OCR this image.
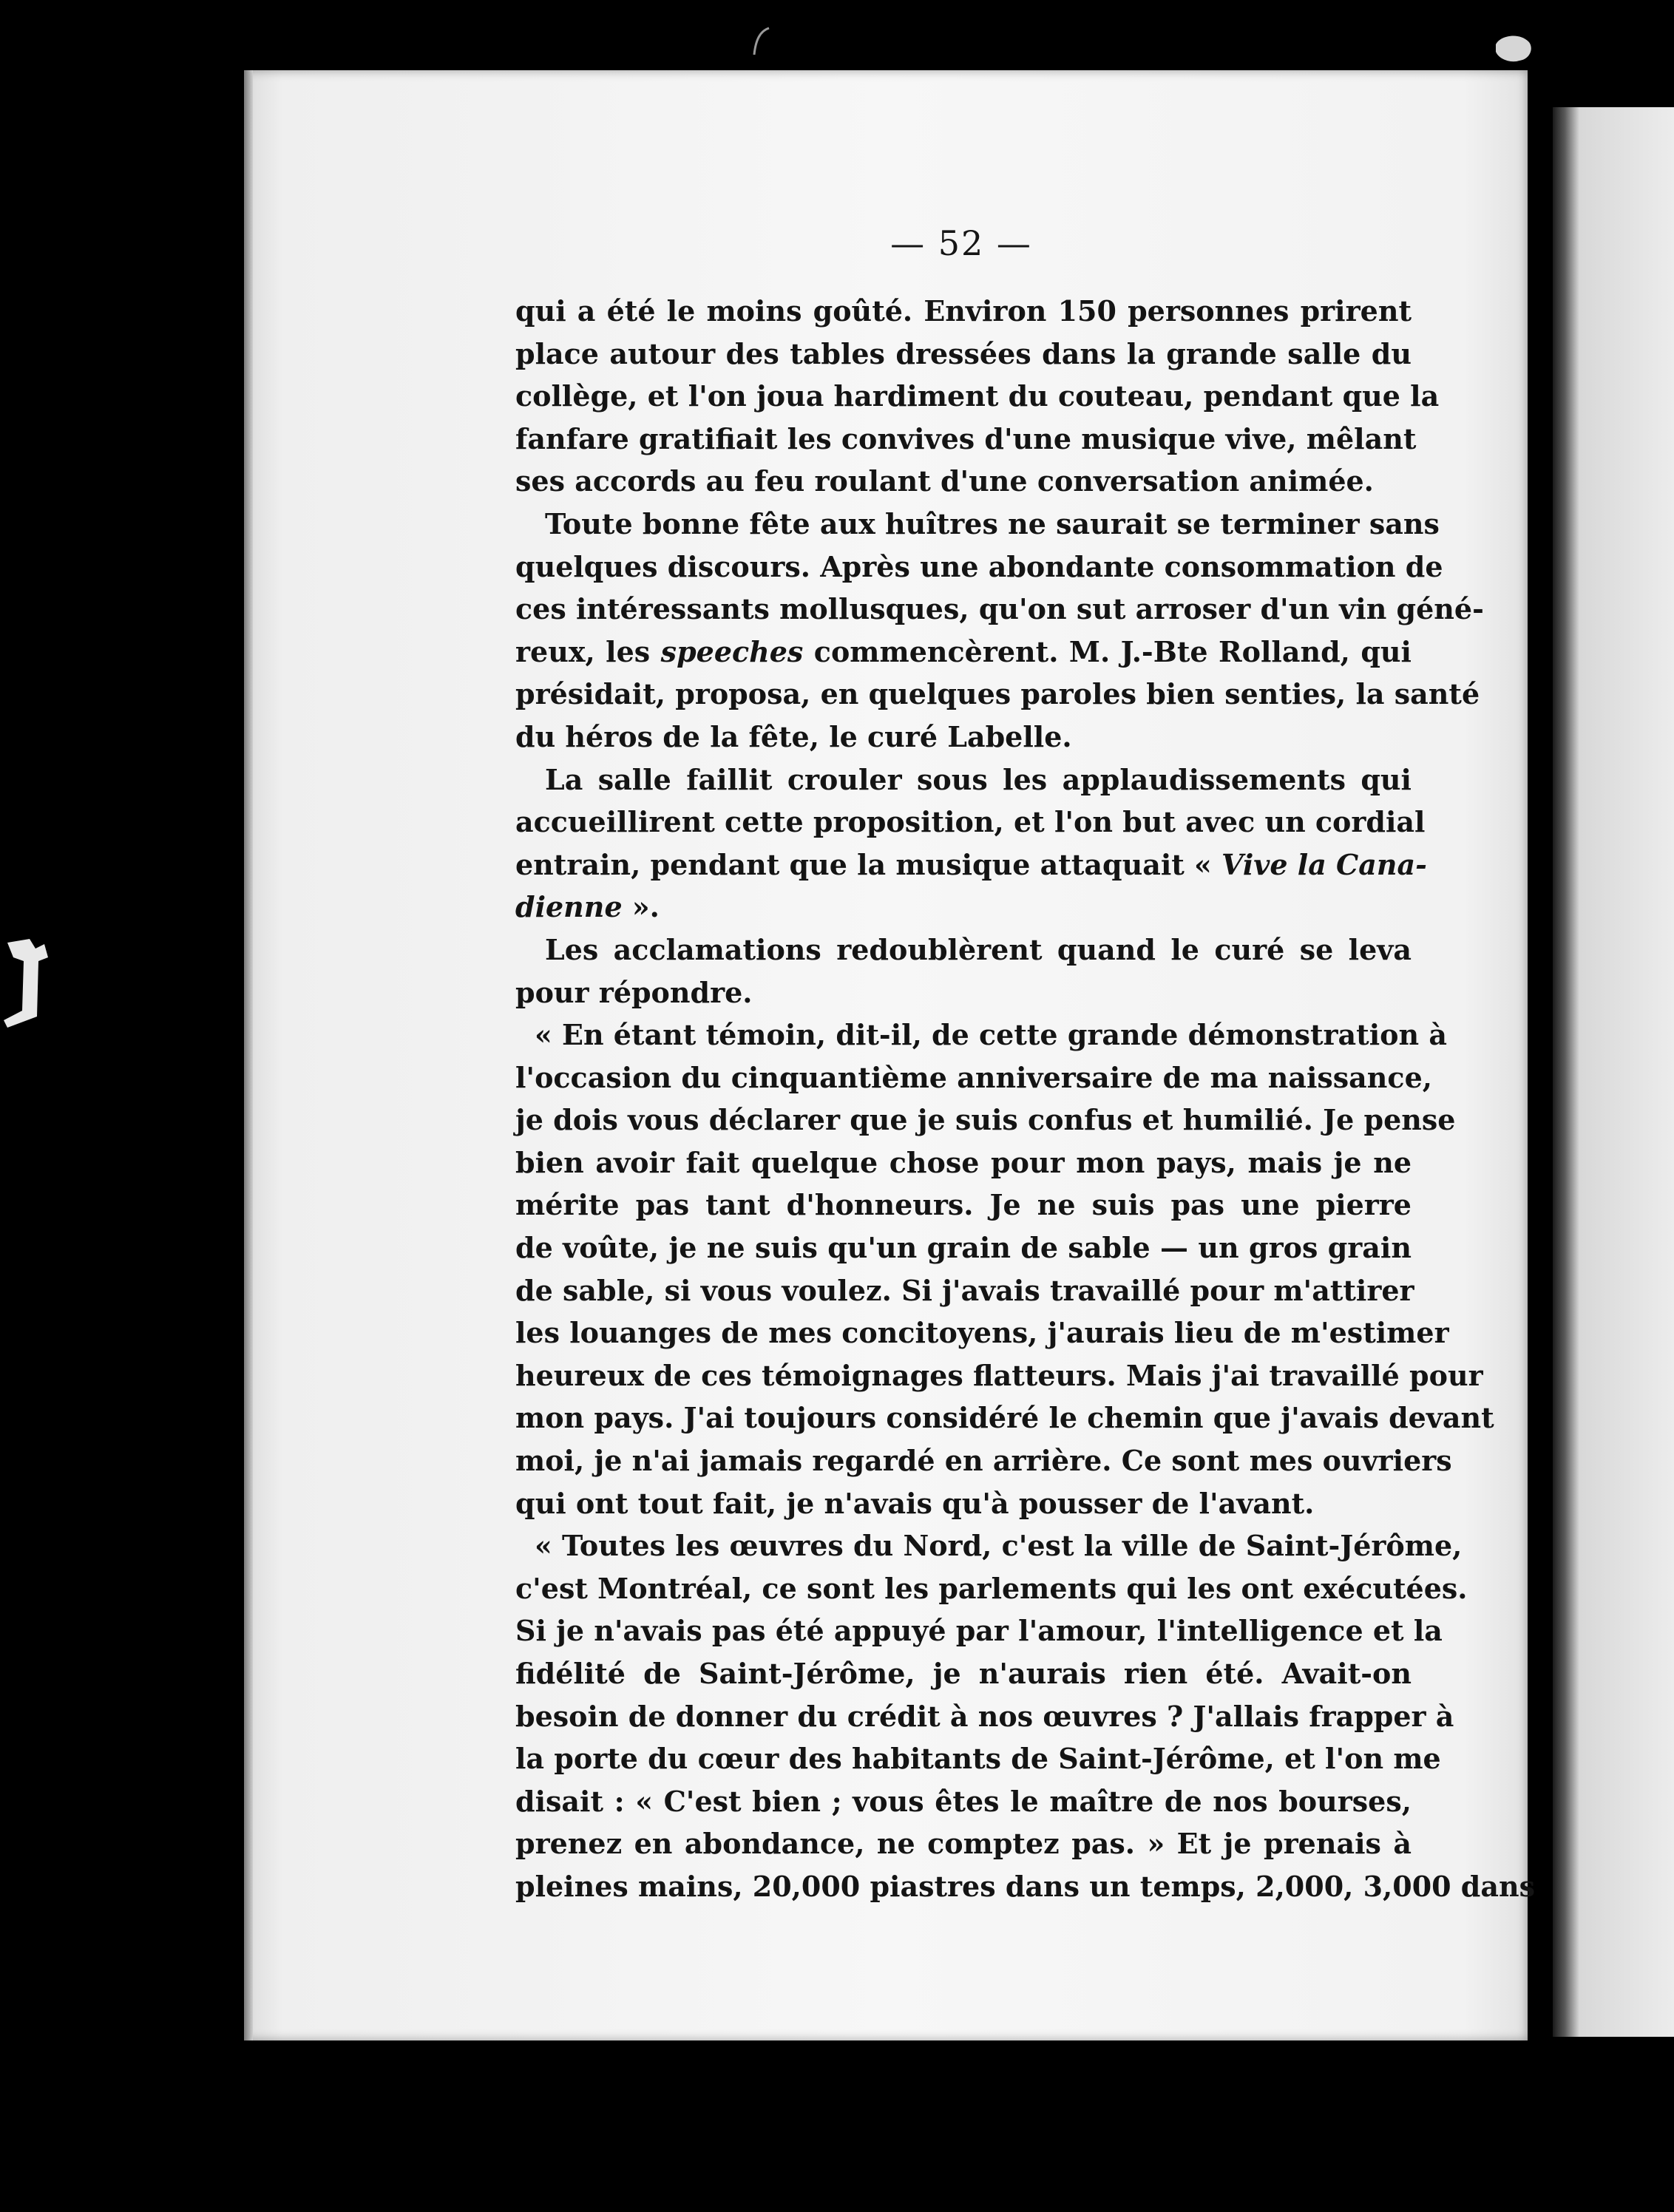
— 52 —
qui a été le moins goûté. Environ 150 personnes prirent
place autour des tables dressées dans la grande salle du
collège, et l'on joua hardiment du couteau, pendant que la
fanfare gratifiait les convives d'une musique vive, mêlant
ses accords au feu roulant d'une conversation animée.
Toute bonne fête aux huîtres ne saurait se terminer sans
quelques discours. Après une abondante consommation de
ces intéressants mollusques, qu'on sut arroser d'un vin géné-
reux, les speeches commencèrent. M. J.-Bte Rolland, qui
présidait, proposa, en quelques paroles bien senties, la santé
du héros de la fête, le curé Labelle.
La salle faillit crouler sous les applaudissements qui
accueillirent cette proposition, et l'on but avec un cordial
entrain, pendant que la musique attaquait « Vive la Cana-
dienne ».
Les acclamations redoublèrent quand le curé se leva
pour répondre.
« En étant témoin, dit-il, de cette grande démonstration à
l'occasion du cinquantième anniversaire de ma naissance,
je dois vous déclarer que je suis confus et humilié. Je pense
bien avoir fait quelque chose pour mon pays, mais je ne
mérite pas tant d'honneurs. Je ne suis pas une pierre
de voûte, je ne suis qu'un grain de sable — un gros grain
de sable, si vous voulez. Si j'avais travaillé pour m'attirer
les louanges de mes concitoyens, j'aurais lieu de m'estimer
heureux de ces témoignages flatteurs. Mais j'ai travaillé pour
mon pays. J'ai toujours considéré le chemin que j'avais devant
moi, je n'ai jamais regardé en arrière. Ce sont mes ouvriers
qui ont tout fait, je n'avais qu'à pousser de l'avant.
« Toutes les œuvres du Nord, c'est la ville de Saint-Jérôme,
c'est Montréal, ce sont les parlements qui les ont exécutées.
Si je n'avais pas été appuyé par l'amour, l'intelligence et la
fidélité de Saint-Jérôme, je n'aurais rien été. Avait-on
besoin de donner du crédit à nos œuvres ? J'allais frapper à
la porte du cœur des habitants de Saint-Jérôme, et l'on me
disait : « C'est bien ; vous êtes le maître de nos bourses,
prenez en abondance, ne comptez pas. » Et je prenais à
pleines mains, 20,000 piastres dans un temps, 2,000, 3,000 dans
